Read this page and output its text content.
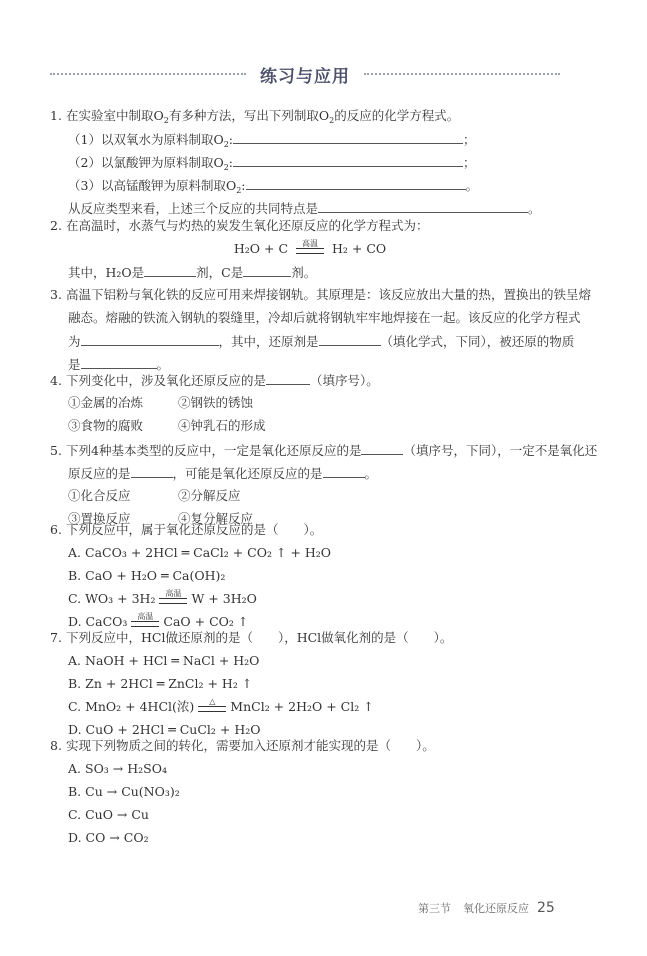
练习与应用
1. 在实验室中制取$O_2$有多种方法，写出下列制取$O_2$的反应的化学方程式。
（1）以双氧水为原料制取$O_2$:	；
（2）以氯酸钾为原料制取$O_2$:	；
（3）以高锰酸钾为原料制取$O_2$:	。
从反应类型来看，上述三个反应的共同特点是	。
2. 在高温时，水蒸气与灼热的炭发生氧化还原反应的化学方程式为：
H₂O + C 高温 H₂ + CO
其中，H₂O是	剂，C是	剂。
3. 高温下铝粉与氧化铁的反应可用来焊接钢轨。其原理是：该反应放出大量的热，置换出的铁呈熔
融态。熔融的铁流入钢轨的裂缝里，冷却后就将钢轨牢牢地焊接在一起。该反应的化学方程式
为	，其中，还原剂是	（填化学式，下同），被还原的物质
是	。
4. 下列变化中，涉及氧化还原反应的是	（填序号）。
①金属的冶炼	②钢铁的锈蚀
③食物的腐败	④钟乳石的形成
5. 下列4种基本类型的反应中，一定是氧化还原反应的是	（填序号，下同），一定不是氧化还
原反应的是	，可能是氧化还原反应的是	。
①化合反应	②分解反应
③置换反应	④复分解反应
6. 下列反应中，属于氧化还原反应的是（　　）。
A. CaCO₃ + 2HCl ═ CaCl₂ + CO₂ ↑ + H₂O
B. CaO + H₂O ═ Ca(OH)₂
C. WO₃ + 3H₂ 高温 W + 3H₂O
D. CaCO₃ 高温 CaO + CO₂ ↑
7. 下列反应中，HCl做还原剂的是（　　），HCl做氧化剂的是（　　）。
A. NaOH + HCl ═ NaCl + H₂O
B. Zn + 2HCl ═ ZnCl₂ + H₂ ↑
C. MnO₂ + 4HCl(浓) △ MnCl₂ + 2H₂O + Cl₂ ↑
D. CuO + 2HCl ═ CuCl₂ + H₂O
8. 实现下列物质之间的转化，需要加入还原剂才能实现的是（　　）。
A. SO₃ → H₂SO₄
B. Cu → Cu(NO₃)₂
C. CuO → Cu
D. CO → CO₂
第三节 氧化还原反应 25
